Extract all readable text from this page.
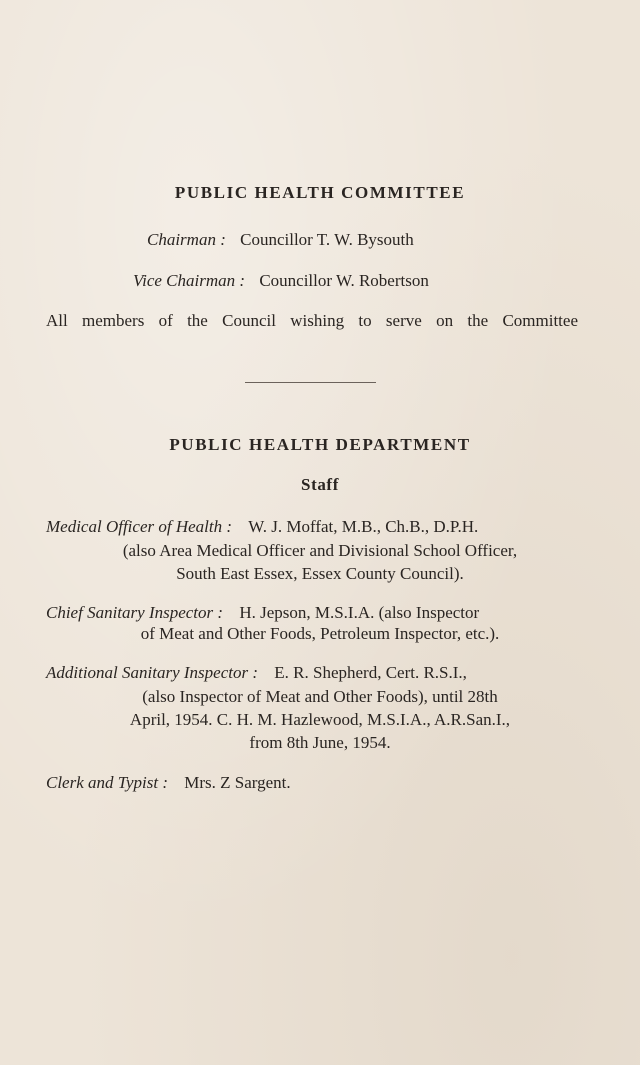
PUBLIC HEALTH COMMITTEE
Chairman : Councillor T. W. Bysouth
Vice Chairman : Councillor W. Robertson
All members of the Council wishing to serve on the Committee
PUBLIC HEALTH DEPARTMENT
Staff
Medical Officer of Health : W. J. Moffat, M.B., Ch.B., D.P.H.
(also Area Medical Officer and Divisional School Officer,
South East Essex, Essex County Council).
Chief Sanitary Inspector : H. Jepson, M.S.I.A. (also Inspector
of Meat and Other Foods, Petroleum Inspector, etc.).
Additional Sanitary Inspector : E. R. Shepherd, Cert. R.S.I.,
(also Inspector of Meat and Other Foods), until 28th
April, 1954. C. H. M. Hazlewood, M.S.I.A., A.R.San.I.,
from 8th June, 1954.
Clerk and Typist : Mrs. Z Sargent.
